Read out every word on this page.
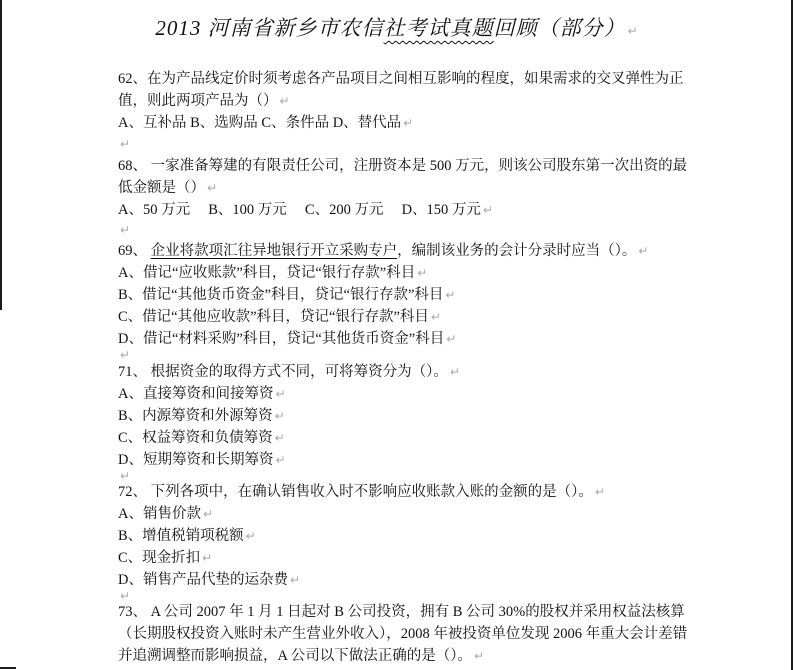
2013 河南省新乡市农信社考试真题回顾（部分） ↵

62、在为产品线定价时须考虑各产品项目之间相互影响的程度，如果需求的交叉弹性为正值，则此两项产品为（） ↵

A、互补品 B、选购品 C、条件品 D、替代品 ↵

↵

68、 一家准备筹建的有限责任公司，注册资本是 500 万元，则该公司股东第一次出资的最低金额是（） ↵

A、50 万元　 B、100 万元　 C、200 万元　 D、150 万元 ↵

↵

69、 企业将款项汇往异地银行开立采购专户，编制该业务的会计分录时应当（）。 ↵

A、借记“应收账款”科目，贷记“银行存款”科目 ↵

B、借记“其他货币资金”科目，贷记“银行存款”科目 ↵

C、借记“其他应收款”科目，贷记“银行存款”科目 ↵

D、借记“材料采购”科目，贷记“其他货币资金”科目 ↵

↵

71、 根据资金的取得方式不同，可将筹资分为（）。 ↵

A、直接筹资和间接筹资 ↵

B、内源筹资和外源筹资 ↵

C、权益筹资和负债筹资 ↵

D、短期筹资和长期筹资 ↵

↵

72、 下列各项中，在确认销售收入时不影响应收账款入账的金额的是（）。 ↵

A、销售价款 ↵

B、增值税销项税额 ↵

C、现金折扣 ↵

D、销售产品代垫的运杂费 ↵

↵

73、 A 公司 2007 年 1 月 1 日起对 B 公司投资，拥有 B 公司 30%的股权并采用权益法核算（长期股权投资入账时未产生营业外收入），2008 年被投资单位发现 2006 年重大会计差错并追溯调整而影响损益，A 公司以下做法正确的是（）。 ↵
